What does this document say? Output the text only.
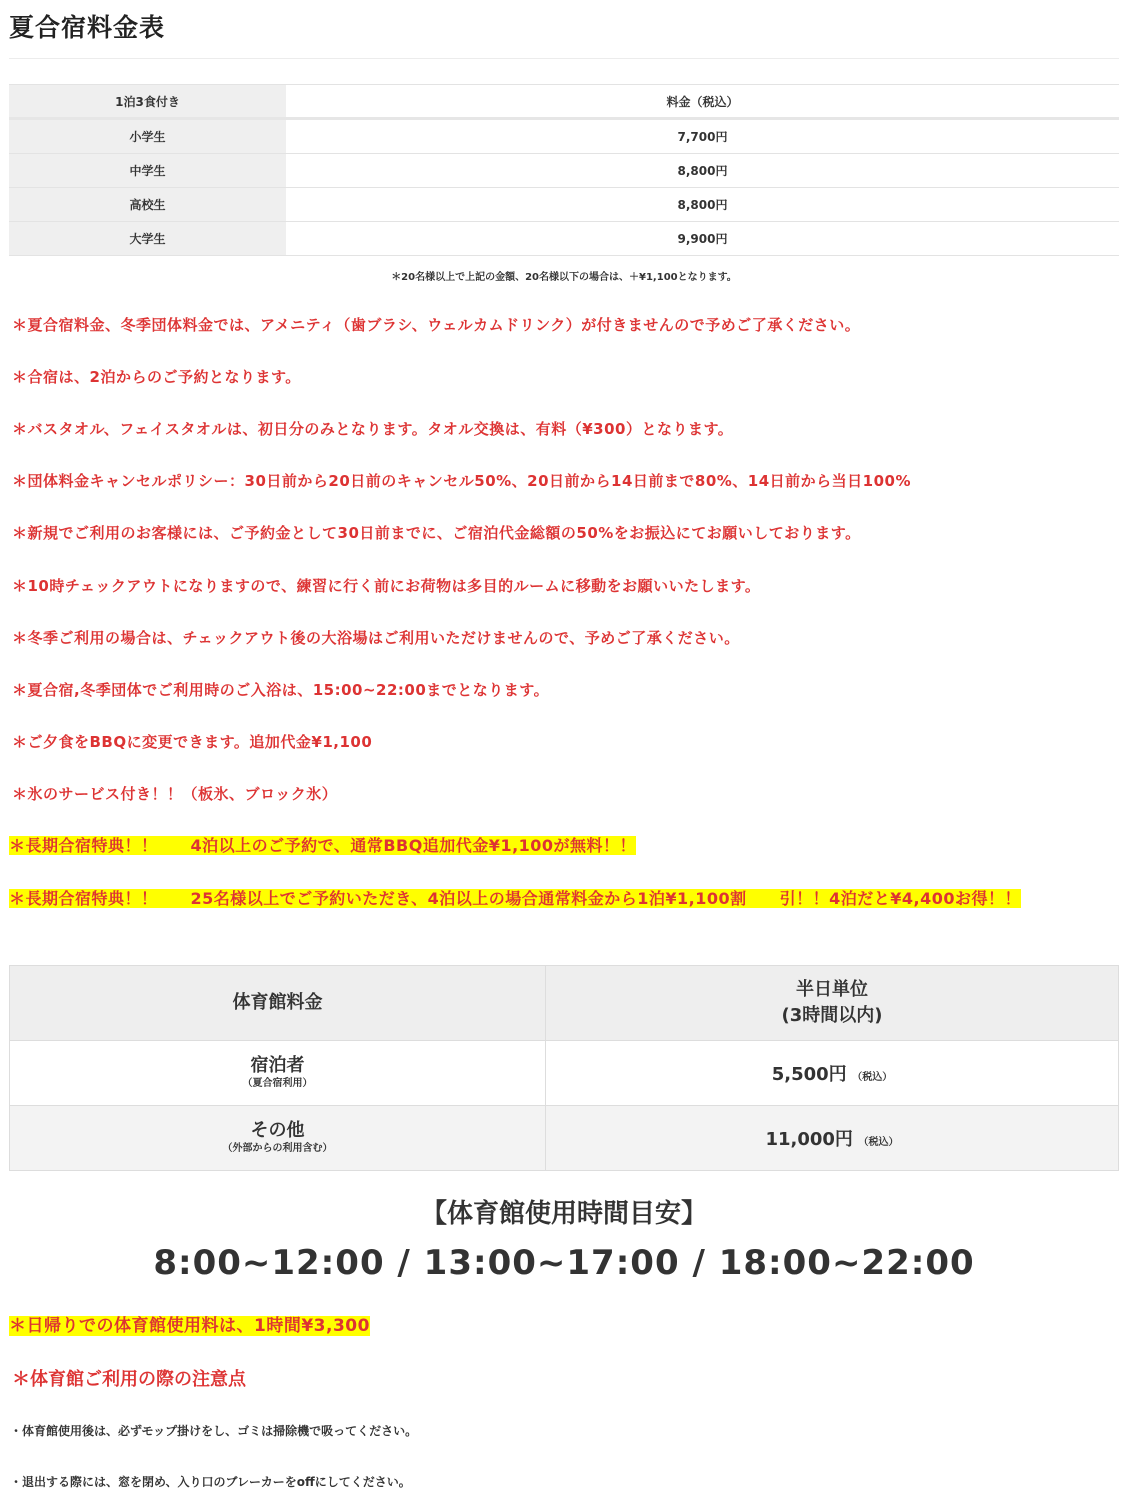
夏合宿料金表
1泊3食付き	料金（税込）
小学生	7,700円
中学生	8,800円
高校生	8,800円
大学生	9,900円
＊20名様以上で上記の金額、20名様以下の場合は、＋¥1,100となります。
＊夏合宿料金、冬季団体料金では、アメニティ（歯ブラシ、ウェルカムドリンク）が付きませんので予めご了承ください。
＊合宿は、2泊からのご予約となります。
＊バスタオル、フェイスタオルは、初日分のみとなります。タオル交換は、有料（¥300）となります。
＊団体料金キャンセルポリシー：30日前から20日前のキャンセル50%、20日前から14日前まで80%、14日前から当日100%
＊新規でご利用のお客様には、ご予約金として30日前までに、ご宿泊代金総額の50%をお振込にてお願いしております。
＊10時チェックアウトになりますので、練習に行く前にお荷物は多目的ルームに移動をお願いいたします。
＊冬季ご利用の場合は、チェックアウト後の大浴場はご利用いただけませんので、予めご了承ください。
＊夏合宿,冬季団体でご利用時のご入浴は、15:00~22:00までとなります。
＊ご夕食をBBQに変更できます。追加代金¥1,100
＊氷のサービス付き！！（板氷、ブロック氷）
＊長期合宿特典！！　　4泊以上のご予約で、通常BBQ追加代金¥1,100が無料！！
＊長期合宿特典！！　　25名様以上でご予約いただき、4泊以上の場合通常料金から1泊¥1,100割　　引！！4泊だと¥4,400お得！！
体育館料金	半日単位
(3時間以内)

宿泊者
（夏合宿利用）	5,500円 （税込）

その他
（外部からの利用含む）	11,000円 （税込）
【体育館使用時間目安】
8:00~12:00 / 13:00~17:00 / 18:00~22:00
＊日帰りでの体育館使用料は、1時間¥3,300
＊体育館ご利用の際の注意点
・体育館使用後は、必ずモップ掛けをし、ゴミは掃除機で吸ってください。
・退出する際には、窓を閉め、入り口のブレーカーをoffにしてください。
